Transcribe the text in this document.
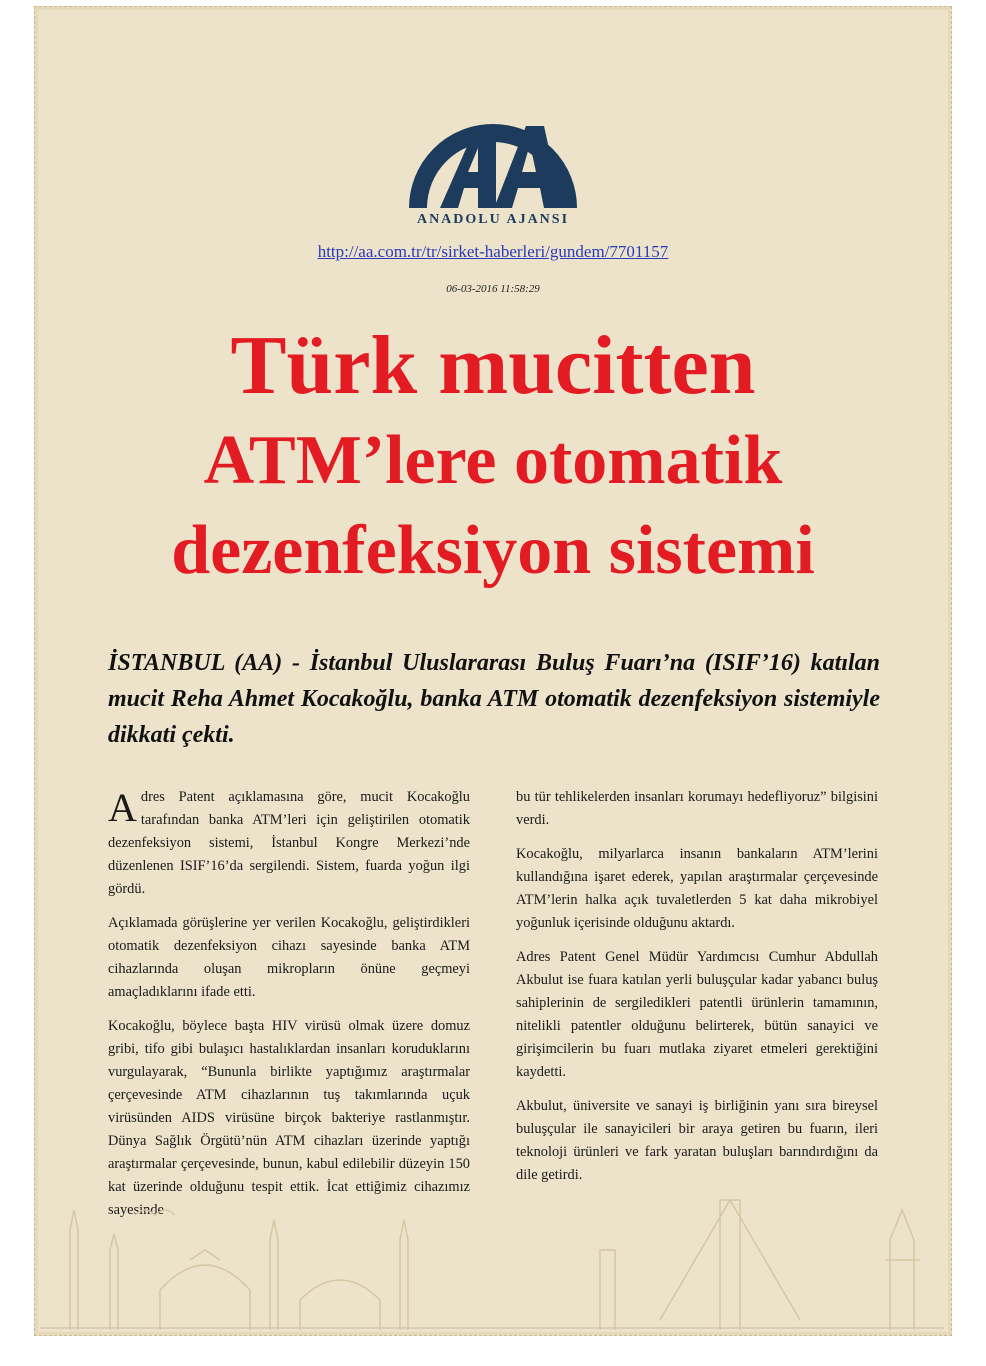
ANADOLU AJANSI
http://aa.com.tr/tr/sirket-haberleri/gundem/7701157
06-03-2016 11:58:29
Türk mucitten
ATM’lere otomatik
dezenfeksiyon sistemi

İSTANBUL (AA) - İstanbul Uluslararası Buluş Fuarı’na (ISIF’16) katılan mucit Reha Ahmet Kocakoğlu, banka ATM otomatik dezenfeksiyon sistemiyle dikkati çekti.

Adres Patent açıklamasına göre, mucit Kocakoğlu tarafından banka ATM’leri için geliştirilen otomatik dezenfeksiyon sistemi, İstanbul Kongre Merkezi’nde düzenlenen ISIF’16’da sergilendi. Sistem, fuarda yoğun ilgi gördü.

Açıklamada görüşlerine yer verilen Kocakoğlu, geliştirdikleri otomatik dezenfeksiyon cihazı sayesinde banka ATM cihazlarında oluşan mikropların önüne geçmeyi amaçladıklarını ifade etti.

Kocakoğlu, böylece başta HIV virüsü olmak üzere domuz gribi, tifo gibi bulaşıcı hastalıklardan insanları koruduklarını vurgulayarak, “Bununla birlikte yaptığımız araştırmalar çerçevesinde ATM cihazlarının tuş takımlarında uçuk virüsünden AIDS virüsüne birçok bakteriye rastlanmıştır. Dünya Sağlık Örgütü’nün ATM cihazları üzerinde yaptığı araştırmalar çerçevesinde, bunun, kabul edilebilir düzeyin 150 kat üzerinde olduğunu tespit ettik. İcat ettiğimiz cihazımız sayesinde

bu tür tehlikelerden insanları korumayı hedefliyoruz” bilgisini verdi.

Kocakoğlu, milyarlarca insanın bankaların ATM’lerini kullandığına işaret ederek, yapılan araştırmalar çerçevesinde ATM’lerin halka açık tuvaletlerden 5 kat daha mikrobiyel yoğunluk içerisinde olduğunu aktardı.

Adres Patent Genel Müdür Yardımcısı Cumhur Abdullah Akbulut ise fuara katılan yerli buluşçular kadar yabancı buluş sahiplerinin de sergiledikleri patentli ürünlerin tamamının, nitelikli patentler olduğunu belirterek, bütün sanayici ve girişimcilerin bu fuarı mutlaka ziyaret etmeleri gerektiğini kaydetti.

Akbulut, üniversite ve sanayi iş birliğinin yanı sıra bireysel buluşçular ile sanayicileri bir araya getiren bu fuarın, ileri teknoloji ürünleri ve fark yaratan buluşları barındırdığını da dile getirdi.
